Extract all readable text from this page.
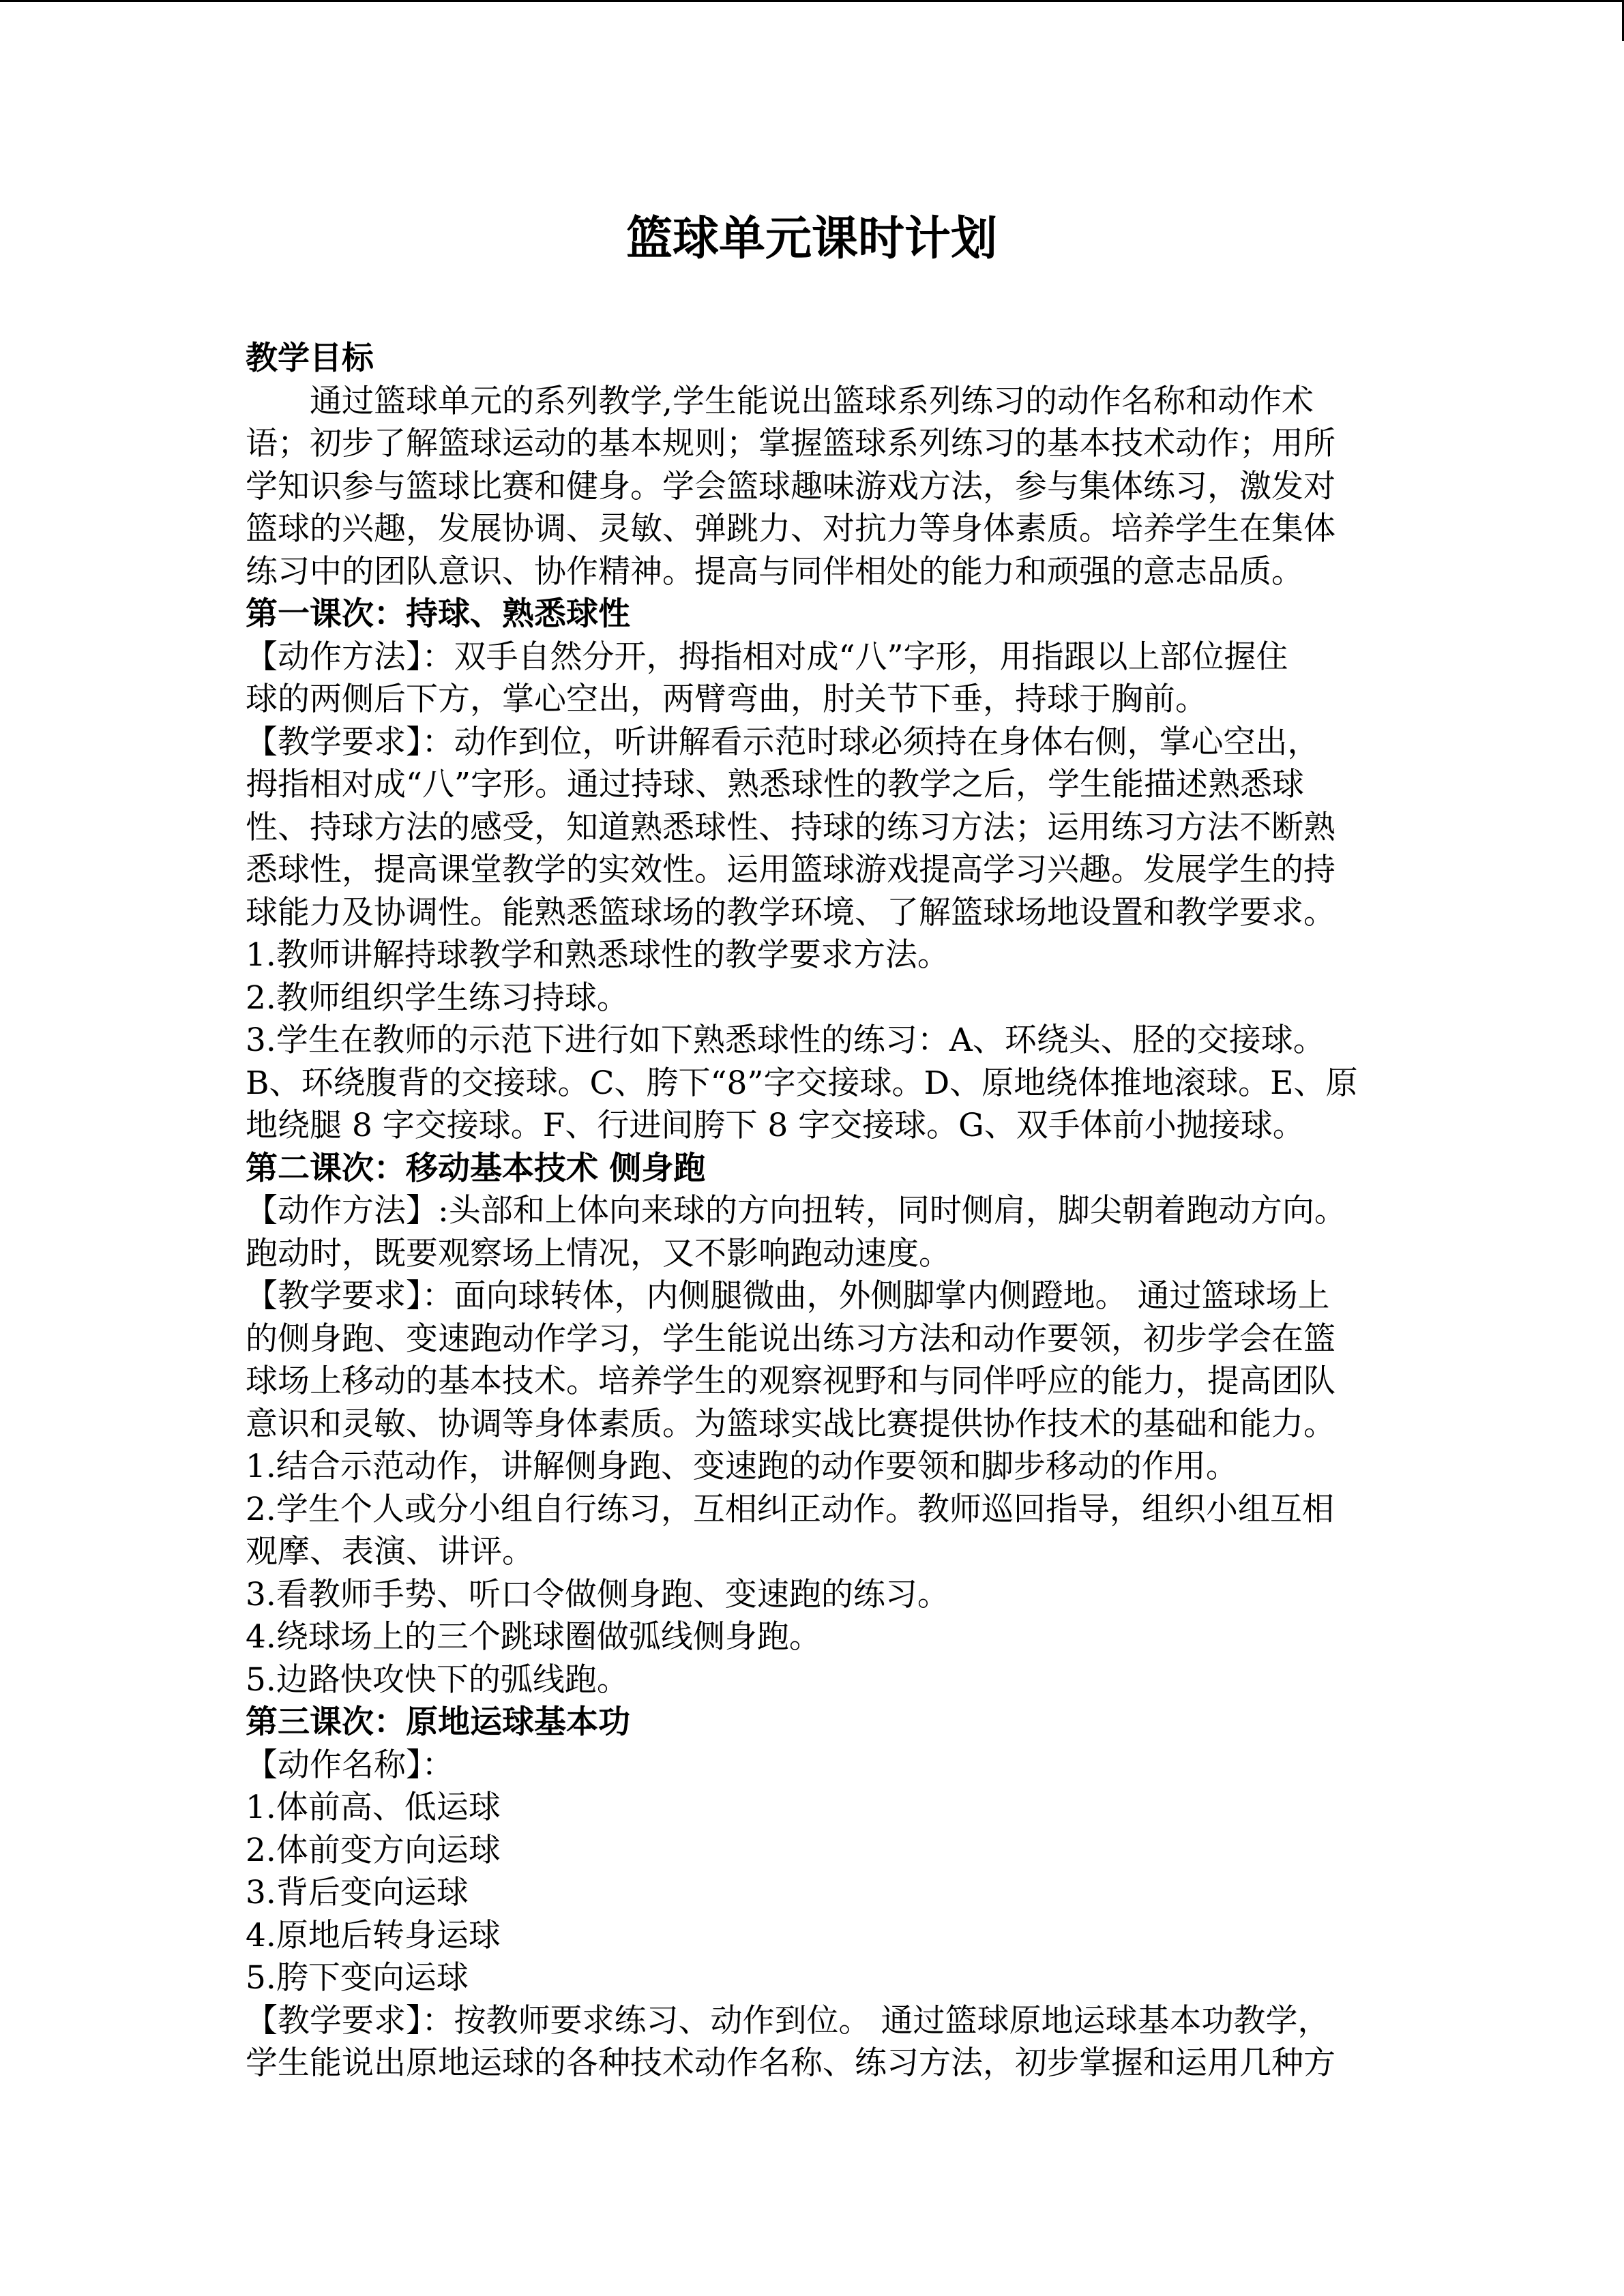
篮球单元课时计划
教学目标
　　通过篮球单元的系列教学,学生能说出篮球系列练习的动作名称和动作术
语；初步了解篮球运动的基本规则；掌握篮球系列练习的基本技术动作；用所
学知识参与篮球比赛和健身。学会篮球趣味游戏方法，参与集体练习，激发对
篮球的兴趣，发展协调、灵敏、弹跳力、对抗力等身体素质。培养学生在集体
练习中的团队意识、协作精神。提高与同伴相处的能力和顽强的意志品质。
第一课次：持球、熟悉球性
【动作方法】：双手自然分开，拇指相对成“八”字形，用指跟以上部位握住
球的两侧后下方，掌心空出，两臂弯曲，肘关节下垂，持球于胸前。
【教学要求】：动作到位，听讲解看示范时球必须持在身体右侧，掌心空出，
拇指相对成“八”字形。通过持球、熟悉球性的教学之后，学生能描述熟悉球
性、持球方法的感受，知道熟悉球性、持球的练习方法；运用练习方法不断熟
悉球性，提高课堂教学的实效性。运用篮球游戏提高学习兴趣。发展学生的持
球能力及协调性。能熟悉篮球场的教学环境、了解篮球场地设置和教学要求。
1.教师讲解持球教学和熟悉球性的教学要求方法。
2.教师组织学生练习持球。
3.学生在教师的示范下进行如下熟悉球性的练习：A、环绕头、胫的交接球。
B、环绕腹背的交接球。C、胯下“8”字交接球。D、原地绕体推地滚球。E、原
地绕腿 8 字交接球。F、行进间胯下 8 字交接球。G、双手体前小抛接球。
第二课次：移动基本技术 侧身跑
【动作方法】:头部和上体向来球的方向扭转，同时侧肩，脚尖朝着跑动方向。
跑动时，既要观察场上情况，又不影响跑动速度。
【教学要求】：面向球转体，内侧腿微曲，外侧脚掌内侧蹬地。 通过篮球场上
的侧身跑、变速跑动作学习，学生能说出练习方法和动作要领，初步学会在篮
球场上移动的基本技术。培养学生的观察视野和与同伴呼应的能力，提高团队
意识和灵敏、协调等身体素质。为篮球实战比赛提供协作技术的基础和能力。
1.结合示范动作，讲解侧身跑、变速跑的动作要领和脚步移动的作用。
2.学生个人或分小组自行练习，互相纠正动作。教师巡回指导，组织小组互相
观摩、表演、讲评。
3.看教师手势、听口令做侧身跑、变速跑的练习。
4.绕球场上的三个跳球圈做弧线侧身跑。
5.边路快攻快下的弧线跑。
第三课次：原地运球基本功
【动作名称】：
1.体前高、低运球
2.体前变方向运球
3.背后变向运球
4.原地后转身运球
5.胯下变向运球
【教学要求】：按教师要求练习、动作到位。 通过篮球原地运球基本功教学，
学生能说出原地运球的各种技术动作名称、练习方法，初步掌握和运用几种方
